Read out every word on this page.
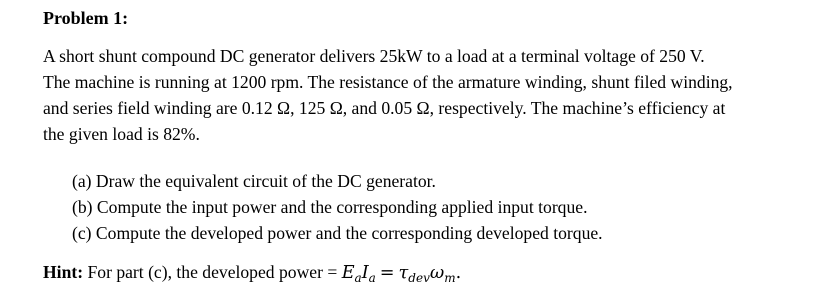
Problem 1:
A short shunt compound DC generator delivers 25kW to a load at a terminal voltage of 250 V.
The machine is running at 1200 rpm. The resistance of the armature winding, shunt filed winding,
and series field winding are 0.12 Ω, 125 Ω, and 0.05 Ω, respectively. The machine’s efficiency at
the given load is 82%.
(a) Draw the equivalent circuit of the DC generator.
(b) Compute the input power and the corresponding applied input torque.
(c) Compute the developed power and the corresponding developed torque.
Hint: For part (c), the developed power = $E_aI_a = \tau_{dev}\omega_m$.
